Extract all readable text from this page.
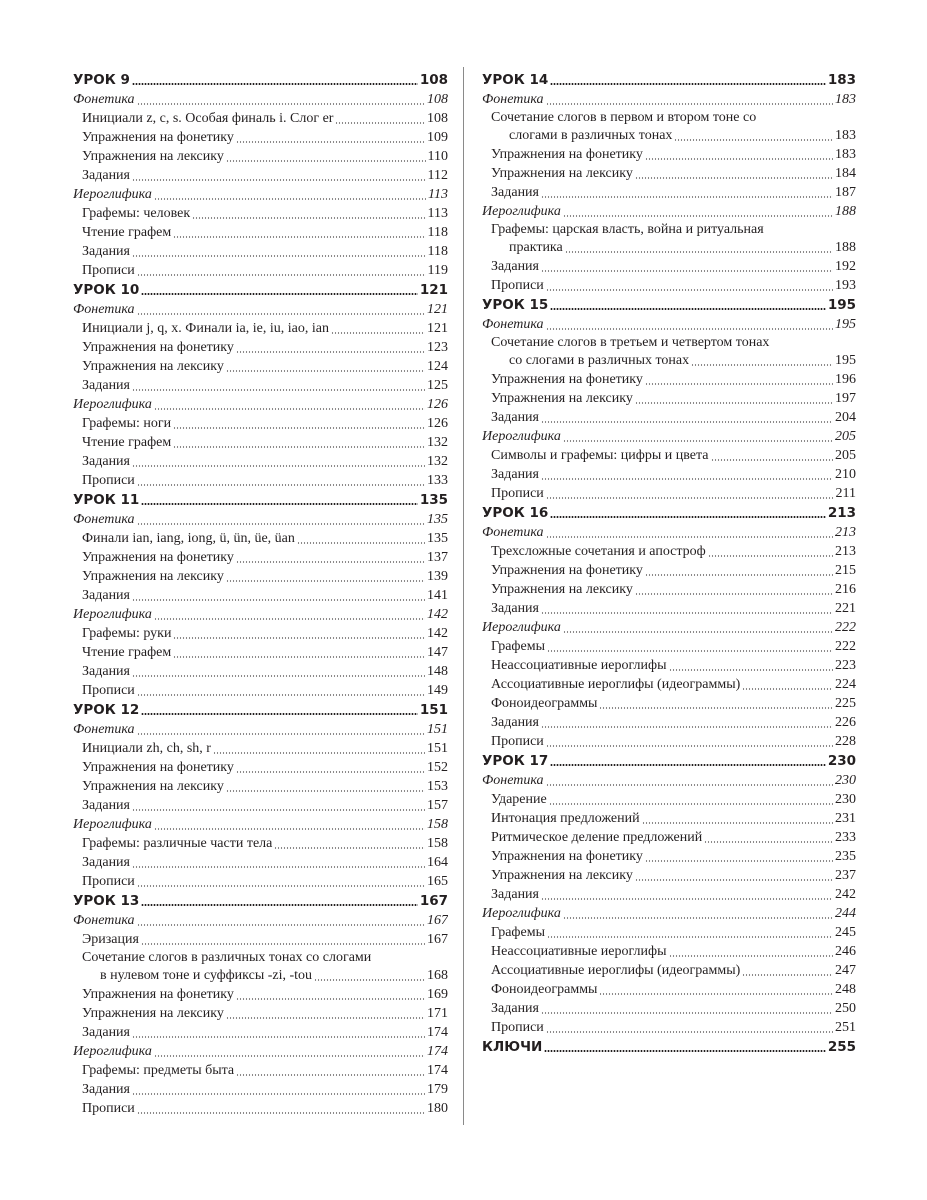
УРОК 9	108
Фонетика	108
Инициали z, c, s. Особая финаль i. Слог er	108
Упражнения на фонетику	109
Упражнения на лексику	110
Задания	112
Иероглифика	113
Графемы: человек	113
Чтение графем	118
Задания	118
Прописи	119
УРОК 10	121
Фонетика	121
Инициали j, q, x. Финали ia, ie, iu, iao, ian	121
Упражнения на фонетику	123
Упражнения на лексику	124
Задания	125
Иероглифика	126
Графемы: ноги	126
Чтение графем	132
Задания	132
Прописи	133
УРОК 11	135
Фонетика	135
Финали ian, iang, iong, ü, ün, üe, üan	135
Упражнения на фонетику	137
Упражнения на лексику	139
Задания	141
Иероглифика	142
Графемы: руки	142
Чтение графем	147
Задания	148
Прописи	149
УРОК 12	151
Фонетика	151
Инициали zh, ch, sh, r	151
Упражнения на фонетику	152
Упражнения на лексику	153
Задания	157
Иероглифика	158
Графемы: различные части тела	158
Задания	164
Прописи	165
УРОК 13	167
Фонетика	167
Эризация	167
Сочетание слогов в различных тонах со слогами
в нулевом тоне и суффиксы -zi, -tou	168
Упражнения на фонетику	169
Упражнения на лексику	171
Задания	174
Иероглифика	174
Графемы: предметы быта	174
Задания	179
Прописи	180
УРОК 14	183
Фонетика	183
Сочетание слогов в первом и втором тоне со
слогами в различных тонах	183
Упражнения на фонетику	183
Упражнения на лексику	184
Задания	187
Иероглифика	188
Графемы: царская власть, война и ритуальная
практика	188
Задания	192
Прописи	193
УРОК 15	195
Фонетика	195
Сочетание слогов в третьем и четвертом тонах
со слогами в различных тонах	195
Упражнения на фонетику	196
Упражнения на лексику	197
Задания	204
Иероглифика	205
Символы и графемы: цифры и цвета	205
Задания	210
Прописи	211
УРОК 16	213
Фонетика	213
Трехсложные сочетания и апостроф	213
Упражнения на фонетику	215
Упражнения на лексику	216
Задания	221
Иероглифика	222
Графемы	222
Неассоциативные иероглифы	223
Ассоциативные иероглифы (идеограммы)	224
Фоноидеограммы	225
Задания	226
Прописи	228
УРОК 17	230
Фонетика	230
Ударение	230
Интонация предложений	231
Ритмическое деление предложений	233
Упражнения на фонетику	235
Упражнения на лексику	237
Задания	242
Иероглифика	244
Графемы	245
Неассоциативные иероглифы	246
Ассоциативные иероглифы (идеограммы)	247
Фоноидеограммы	248
Задания	250
Прописи	251
КЛЮЧИ	255
